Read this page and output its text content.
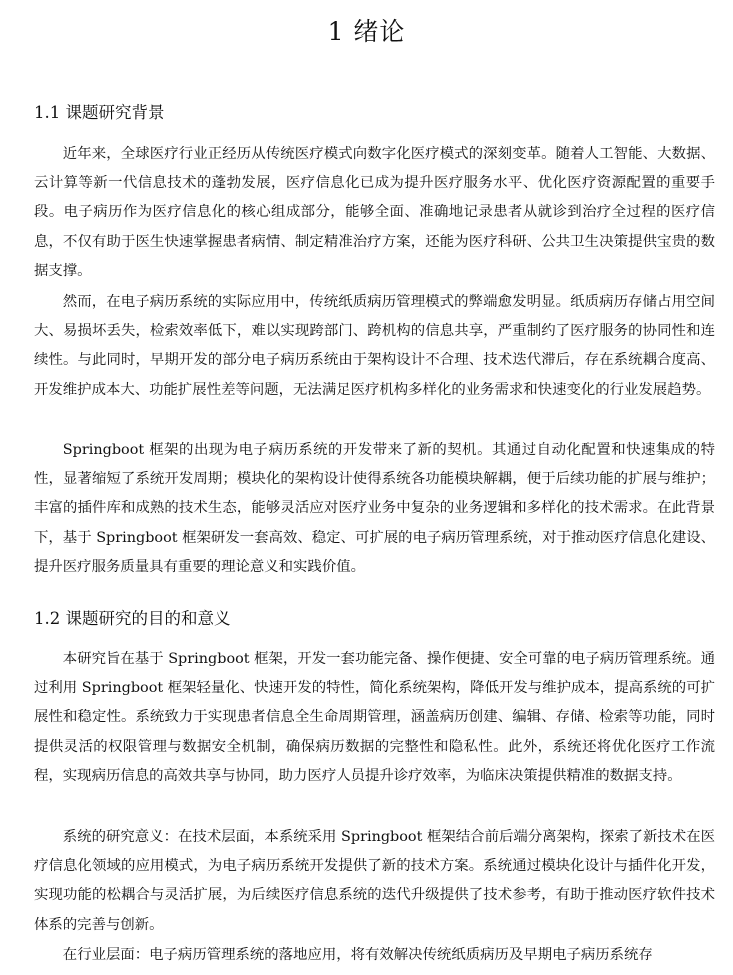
1 绪论
1.1 课题研究背景

近年来，全球医疗行业正经历从传统医疗模式向数字化医疗模式的深刻变革。随着人工智能、大数据、云计算等新一代信息技术的蓬勃发展，医疗信息化已成为提升医疗服务水平、优化医疗资源配置的重要手段。电子病历作为医疗信息化的核心组成部分，能够全面、准确地记录患者从就诊到治疗全过程的医疗信息，不仅有助于医生快速掌握患者病情、制定精准治疗方案，还能为医疗科研、公共卫生决策提供宝贵的数据支撑。

然而，在电子病历系统的实际应用中，传统纸质病历管理模式的弊端愈发明显。纸质病历存储占用空间大、易损坏丢失，检索效率低下，难以实现跨部门、跨机构的信息共享，严重制约了医疗服务的协同性和连续性。与此同时，早期开发的部分电子病历系统由于架构设计不合理、技术迭代滞后，存在系统耦合度高、开发维护成本大、功能扩展性差等问题，无法满足医疗机构多样化的业务需求和快速变化的行业发展趋势。

Springboot 框架的出现为电子病历系统的开发带来了新的契机。其通过自动化配置和快速集成的特性，显著缩短了系统开发周期；模块化的架构设计使得系统各功能模块解耦，便于后续功能的扩展与维护；丰富的插件库和成熟的技术生态，能够灵活应对医疗业务中复杂的业务逻辑和多样化的技术需求。在此背景下，基于 Springboot 框架研发一套高效、稳定、可扩展的电子病历管理系统，对于推动医疗信息化建设、提升医疗服务质量具有重要的理论意义和实践价值。

1.2 课题研究的目的和意义

本研究旨在基于 Springboot 框架，开发一套功能完备、操作便捷、安全可靠的电子病历管理系统。通过利用 Springboot 框架轻量化、快速开发的特性，简化系统架构，降低开发与维护成本，提高系统的可扩展性和稳定性。系统致力于实现患者信息全生命周期管理，涵盖病历创建、编辑、存储、检索等功能，同时提供灵活的权限管理与数据安全机制，确保病历数据的完整性和隐私性。此外，系统还将优化医疗工作流程，实现病历信息的高效共享与协同，助力医疗人员提升诊疗效率，为临床决策提供精准的数据支持。

系统的研究意义：在技术层面，本系统采用 Springboot 框架结合前后端分离架构，探索了新技术在医疗信息化领域的应用模式，为电子病历系统开发提供了新的技术方案。系统通过模块化设计与插件化开发，实现功能的松耦合与灵活扩展，为后续医疗信息系统的迭代升级提供了技术参考，有助于推动医疗软件技术体系的完善与创新。

在行业层面：电子病历管理系统的落地应用，将有效解决传统纸质病历及早期电子病历系统存
